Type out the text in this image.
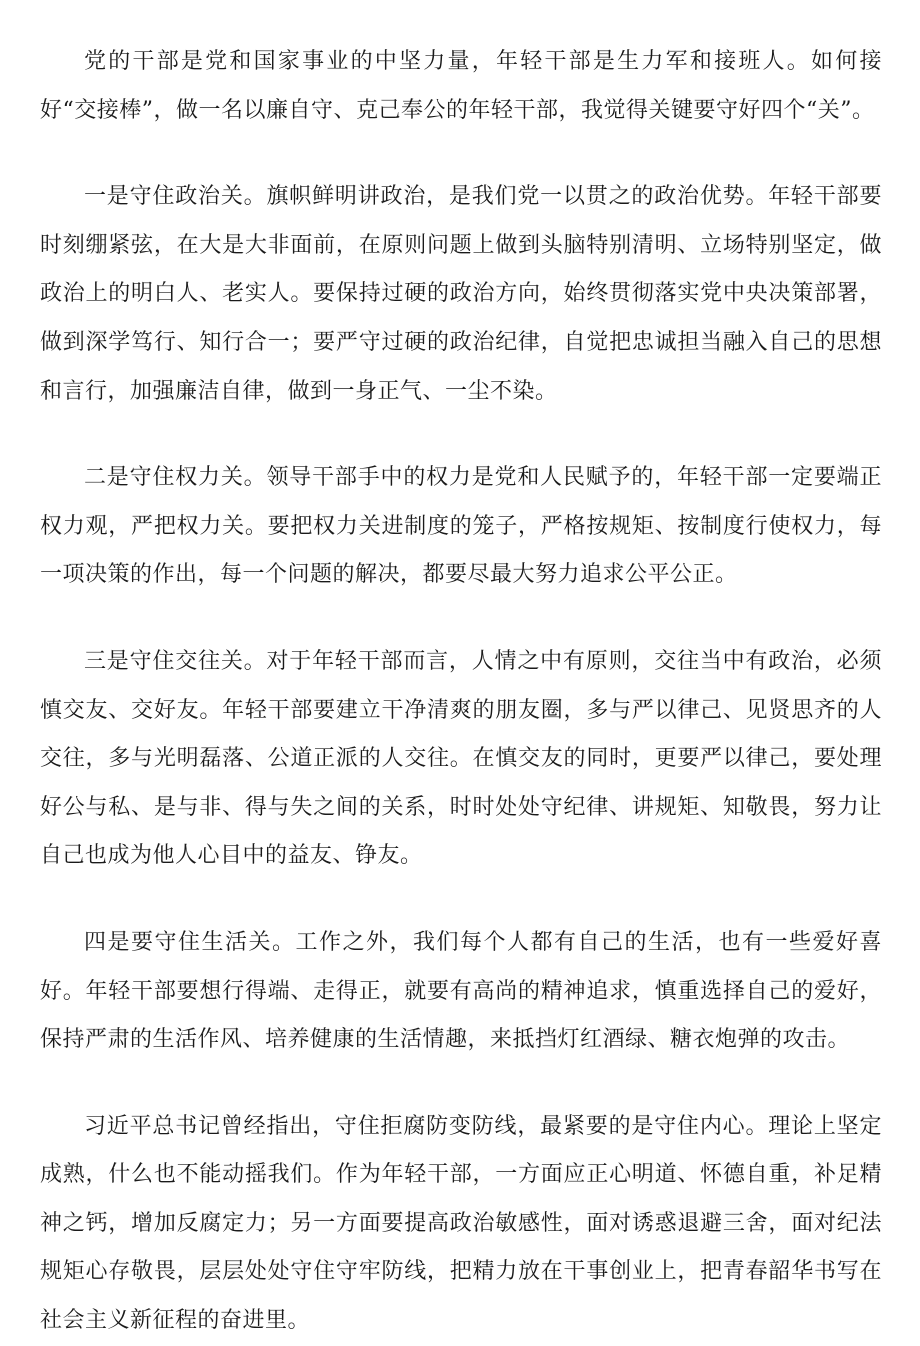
党的干部是党和国家事业的中坚力量，年轻干部是生力军和接班人。如何接好“交接棒”，做一名以廉自守、克己奉公的年轻干部，我觉得关键要守好四个“关”。

一是守住政治关。旗帜鲜明讲政治，是我们党一以贯之的政治优势。年轻干部要时刻绷紧弦，在大是大非面前，在原则问题上做到头脑特别清明、立场特别坚定，做政治上的明白人、老实人。要保持过硬的政治方向，始终贯彻落实党中央决策部署，做到深学笃行、知行合一；要严守过硬的政治纪律，自觉把忠诚担当融入自己的思想和言行，加强廉洁自律，做到一身正气、一尘不染。

二是守住权力关。领导干部手中的权力是党和人民赋予的，年轻干部一定要端正权力观，严把权力关。要把权力关进制度的笼子，严格按规矩、按制度行使权力，每一项决策的作出，每一个问题的解决，都要尽最大努力追求公平公正。

三是守住交往关。对于年轻干部而言，人情之中有原则，交往当中有政治，必须慎交友、交好友。年轻干部要建立干净清爽的朋友圈，多与严以律己、见贤思齐的人交往，多与光明磊落、公道正派的人交往。在慎交友的同时，更要严以律己，要处理好公与私、是与非、得与失之间的关系，时时处处守纪律、讲规矩、知敬畏，努力让自己也成为他人心目中的益友、铮友。

四是要守住生活关。工作之外，我们每个人都有自己的生活，也有一些爱好喜好。年轻干部要想行得端、走得正，就要有高尚的精神追求，慎重选择自己的爱好，保持严肃的生活作风、培养健康的生活情趣，来抵挡灯红酒绿、糖衣炮弹的攻击。

习近平总书记曾经指出，守住拒腐防变防线，最紧要的是守住内心。理论上坚定成熟，什么也不能动摇我们。作为年轻干部，一方面应正心明道、怀德自重，补足精神之钙，增加反腐定力；另一方面要提高政治敏感性，面对诱惑退避三舍，面对纪法规矩心存敬畏，层层处处守住守牢防线，把精力放在干事创业上，把青春韶华书写在社会主义新征程的奋进里。
